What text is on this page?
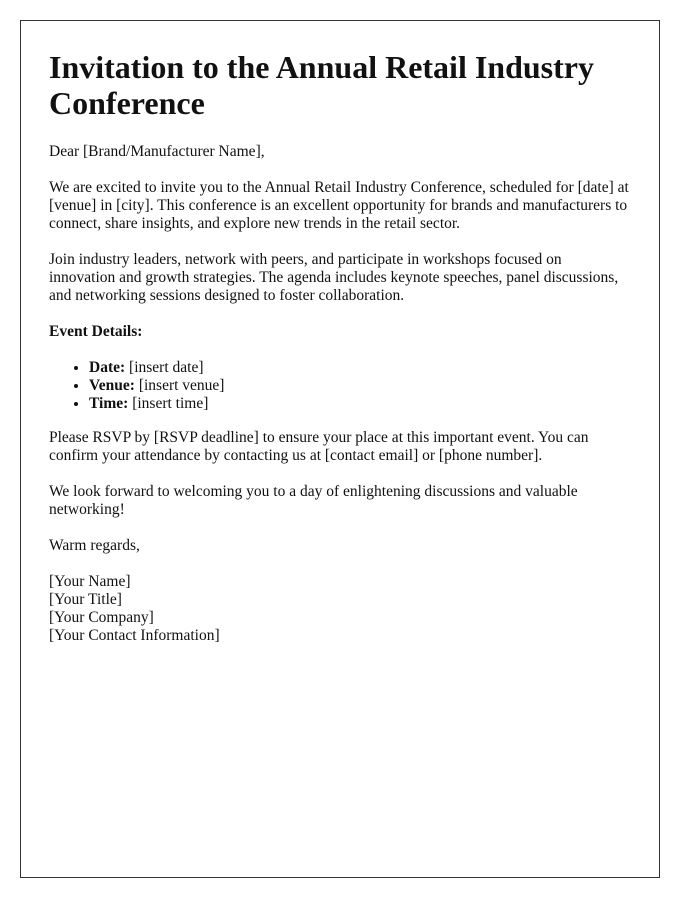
Invitation to the Annual Retail Industry Conference

Dear [Brand/Manufacturer Name],

We are excited to invite you to the Annual Retail Industry Conference, scheduled for [date] at [venue] in [city]. This conference is an excellent opportunity for brands and manufacturers to connect, share insights, and explore new trends in the retail sector.

Join industry leaders, network with peers, and participate in workshops focused on innovation and growth strategies. The agenda includes keynote speeches, panel discussions, and networking sessions designed to foster collaboration.

Event Details:

• Date: [insert date]
• Venue: [insert venue]
• Time: [insert time]

Please RSVP by [RSVP deadline] to ensure your place at this important event. You can confirm your attendance by contacting us at [contact email] or [phone number].

We look forward to welcoming you to a day of enlightening discussions and valuable networking!

Warm regards,

[Your Name]

[Your Title]

[Your Company]

[Your Contact Information]
